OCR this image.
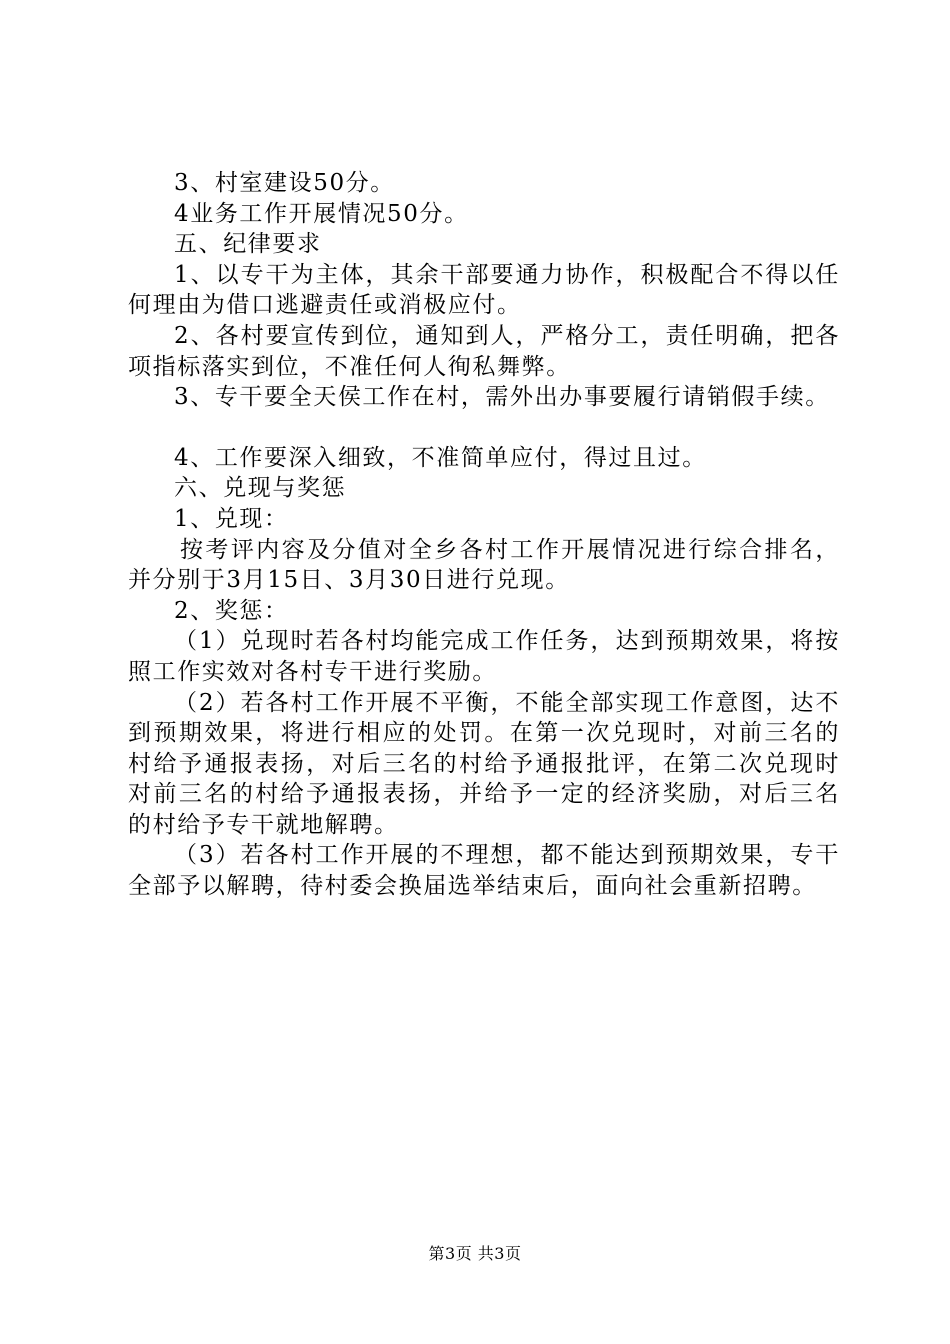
3、村室建设50分。

4业务工作开展情况50分。

五、纪律要求

1、以专干为主体，其余干部要通力协作，积极配合不得以任何理由为借口逃避责任或消极应付。

2、各村要宣传到位，通知到人，严格分工，责任明确，把各项指标落实到位，不准任何人徇私舞弊。

3、专干要全天侯工作在村，需外出办事要履行请销假手续。

4、工作要深入细致，不准简单应付，得过且过。

六、兑现与奖惩

1、兑现：

按考评内容及分值对全乡各村工作开展情况进行综合排名，并分别于3月15日、3月30日进行兑现。

2、奖惩：

（1）兑现时若各村均能完成工作任务，达到预期效果，将按照工作实效对各村专干进行奖励。

（2）若各村工作开展不平衡，不能全部实现工作意图，达不到预期效果，将进行相应的处罚。在第一次兑现时，对前三名的村给予通报表扬，对后三名的村给予通报批评，在第二次兑现时对前三名的村给予通报表扬，并给予一定的经济奖励，对后三名的村给予专干就地解聘。

（3）若各村工作开展的不理想，都不能达到预期效果，专干全部予以解聘，待村委会换届选举结束后，面向社会重新招聘。

第3页 共3页
